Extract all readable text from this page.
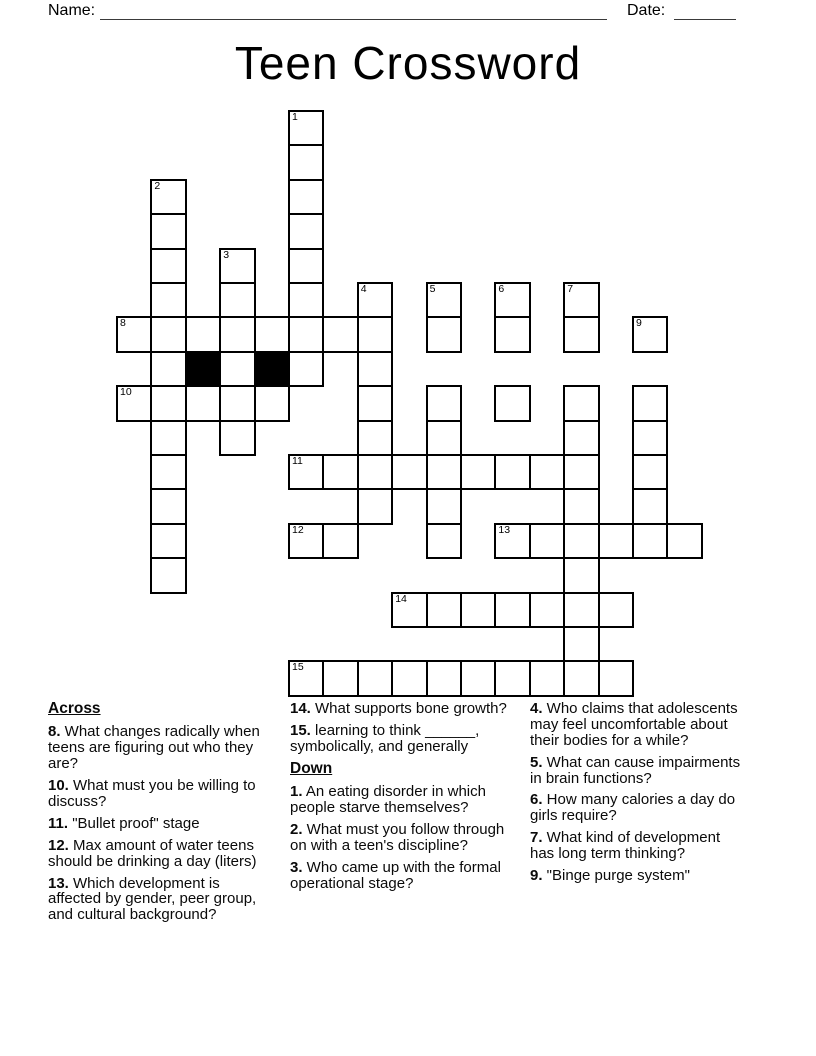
Name:	Date:
Teen Crossword
1
2
3
4	5	6	7
8	9
10
11
12	13
14
15
Across

8. What changes radically when teens are figuring out who they are?

10. What must you be willing to discuss?

11. "Bullet proof" stage

12. Max amount of water teens should be drinking a day (liters)

13. Which development is affected by gender, peer group, and cultural background?

14. What supports bone growth?

15. learning to think ______, symbolically, and generally

Down

1. An eating disorder in which people starve themselves?

2. What must you follow through on with a teen's discipline?

3. Who came up with the formal operational stage?

4. Who claims that adolescents may feel uncomfortable about their bodies for a while?

5. What can cause impairments in brain functions?

6. How many calories a day do girls require?

7. What kind of development has long term thinking?

9. "Binge purge system"
